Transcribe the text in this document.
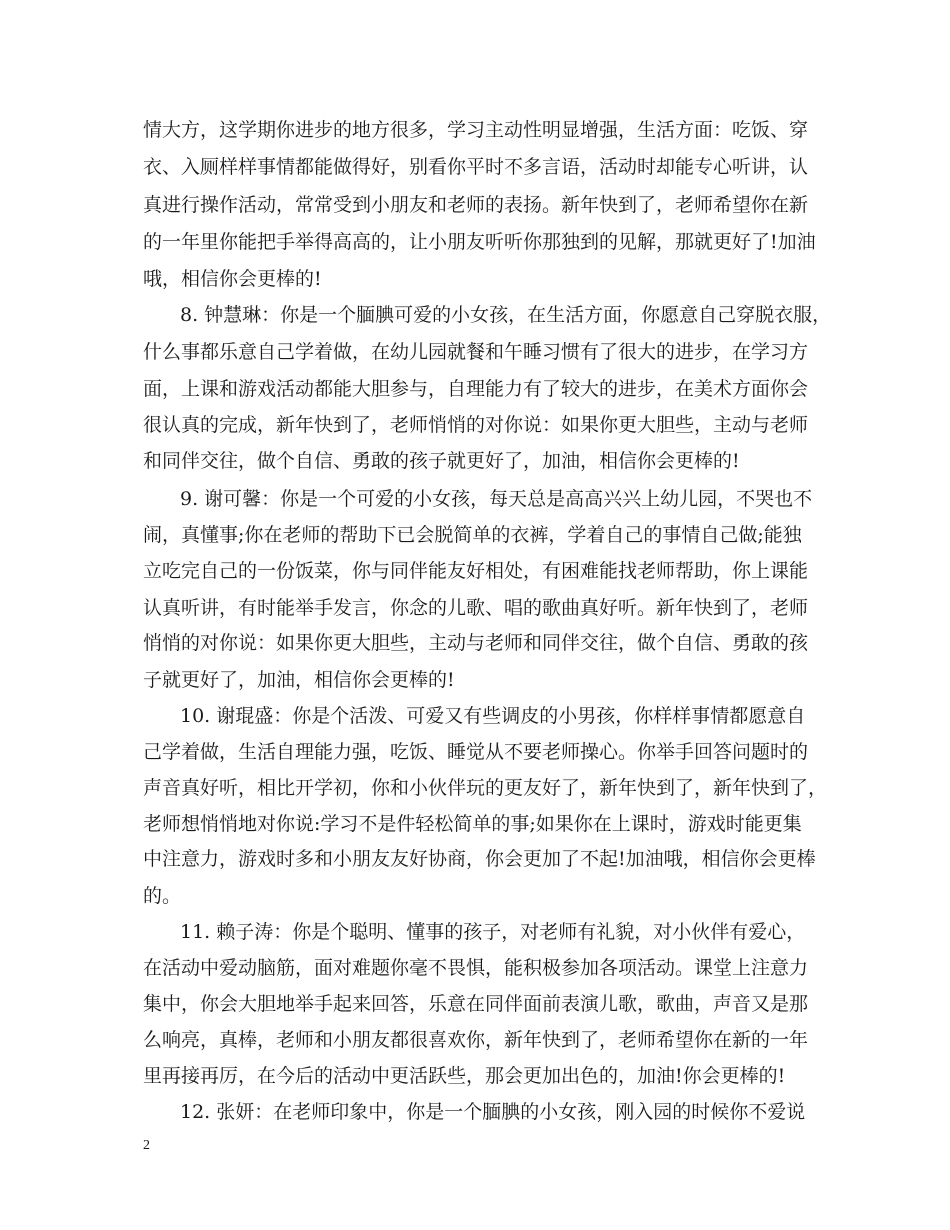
情大方，这学期你进步的地方很多，学习主动性明显增强，生活方面：吃饭、穿
衣、入厕样样事情都能做得好，别看你平时不多言语，活动时却能专心听讲，认
真进行操作活动，常常受到小朋友和老师的表扬。新年快到了，老师希望你在新
的一年里你能把手举得高高的，让小朋友听听你那独到的见解，那就更好了!加油
哦，相信你会更棒的!
8. 钟慧琳：你是一个腼腆可爱的小女孩，在生活方面，你愿意自己穿脱衣服，
什么事都乐意自己学着做，在幼儿园就餐和午睡习惯有了很大的进步，在学习方
面，上课和游戏活动都能大胆参与，自理能力有了较大的进步，在美术方面你会
很认真的完成，新年快到了，老师悄悄的对你说：如果你更大胆些，主动与老师
和同伴交往，做个自信、勇敢的孩子就更好了，加油，相信你会更棒的!
9. 谢可馨：你是一个可爱的小女孩，每天总是高高兴兴上幼儿园，不哭也不
闹，真懂事;你在老师的帮助下已会脱简单的衣裤，学着自己的事情自己做;能独
立吃完自己的一份饭菜，你与同伴能友好相处，有困难能找老师帮助，你上课能
认真听讲，有时能举手发言，你念的儿歌、唱的歌曲真好听。新年快到了，老师
悄悄的对你说：如果你更大胆些，主动与老师和同伴交往，做个自信、勇敢的孩
子就更好了，加油，相信你会更棒的!
10. 谢琨盛：你是个活泼、可爱又有些调皮的小男孩，你样样事情都愿意自
己学着做，生活自理能力强，吃饭、睡觉从不要老师操心。你举手回答问题时的
声音真好听，相比开学初，你和小伙伴玩的更友好了，新年快到了，新年快到了，
老师想悄悄地对你说:学习不是件轻松简单的事;如果你在上课时，游戏时能更集
中注意力，游戏时多和小朋友友好协商，你会更加了不起!加油哦，相信你会更棒
的。
11. 赖子涛：你是个聪明、懂事的孩子，对老师有礼貌，对小伙伴有爱心，
在活动中爱动脑筋，面对难题你毫不畏惧，能积极参加各项活动。课堂上注意力
集中，你会大胆地举手起来回答，乐意在同伴面前表演儿歌，歌曲，声音又是那
么响亮，真棒，老师和小朋友都很喜欢你，新年快到了，老师希望你在新的一年
里再接再厉，在今后的活动中更活跃些，那会更加出色的，加油!你会更棒的!
12. 张妍：在老师印象中，你是一个腼腆的小女孩，刚入园的时候你不爱说
2
